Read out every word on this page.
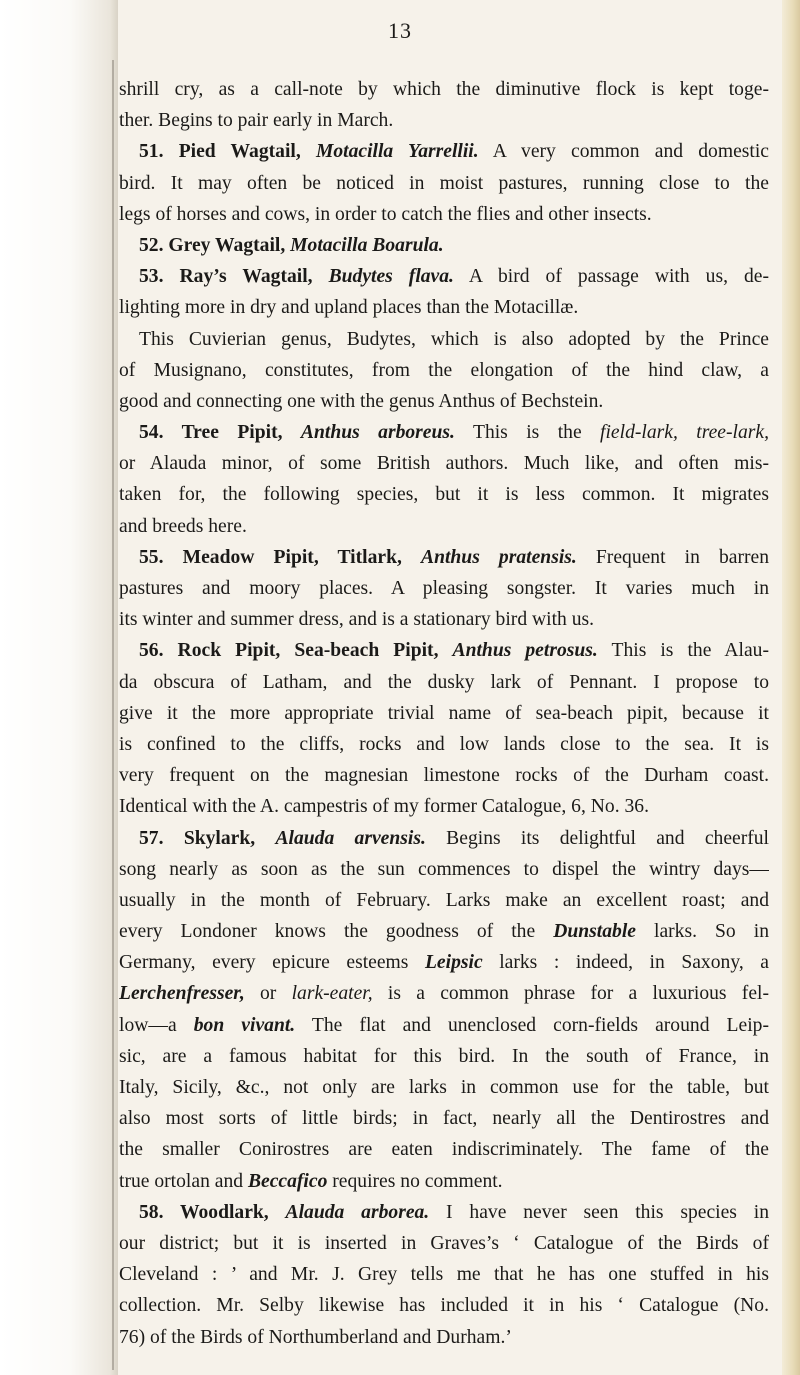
13
shrill cry, as a call-note by which the diminutive flock is kept toge-
ther. Begins to pair early in March.
51. Pied Wagtail, Motacilla Yarrellii. A very common and domestic
bird. It may often be noticed in moist pastures, running close to the
legs of horses and cows, in order to catch the flies and other insects.
52. Grey Wagtail, Motacilla Boarula.
53. Ray’s Wagtail, Budytes flava. A bird of passage with us, de-
lighting more in dry and upland places than the Motacillæ.
This Cuvierian genus, Budytes, which is also adopted by the Prince
of Musignano, constitutes, from the elongation of the hind claw, a
good and connecting one with the genus Anthus of Bechstein.
54. Tree Pipit, Anthus arboreus. This is the field-lark, tree-lark,
or Alauda minor, of some British authors. Much like, and often mis-
taken for, the following species, but it is less common. It migrates
and breeds here.
55. Meadow Pipit, Titlark, Anthus pratensis. Frequent in barren
pastures and moory places. A pleasing songster. It varies much in
its winter and summer dress, and is a stationary bird with us.
56. Rock Pipit, Sea-beach Pipit, Anthus petrosus. This is the Alau-
da obscura of Latham, and the dusky lark of Pennant. I propose to
give it the more appropriate trivial name of sea-beach pipit, because it
is confined to the cliffs, rocks and low lands close to the sea. It is
very frequent on the magnesian limestone rocks of the Durham coast.
Identical with the A. campestris of my former Catalogue, 6, No. 36.
57. Skylark, Alauda arvensis. Begins its delightful and cheerful
song nearly as soon as the sun commences to dispel the wintry days—
usually in the month of February. Larks make an excellent roast; and
every Londoner knows the goodness of the Dunstable larks. So in
Germany, every epicure esteems Leipsic larks : indeed, in Saxony, a
Lerchenfresser, or lark-eater, is a common phrase for a luxurious fel-
low—a bon vivant. The flat and unenclosed corn-fields around Leip-
sic, are a famous habitat for this bird. In the south of France, in
Italy, Sicily, &c., not only are larks in common use for the table, but
also most sorts of little birds; in fact, nearly all the Dentirostres and
the smaller Conirostres are eaten indiscriminately. The fame of the
true ortolan and Beccafico requires no comment.
58. Woodlark, Alauda arborea. I have never seen this species in
our district; but it is inserted in Graves’s ‘ Catalogue of the Birds of
Cleveland : ’ and Mr. J. Grey tells me that he has one stuffed in his
collection. Mr. Selby likewise has included it in his ‘ Catalogue (No.
76) of the Birds of Northumberland and Durham.’
